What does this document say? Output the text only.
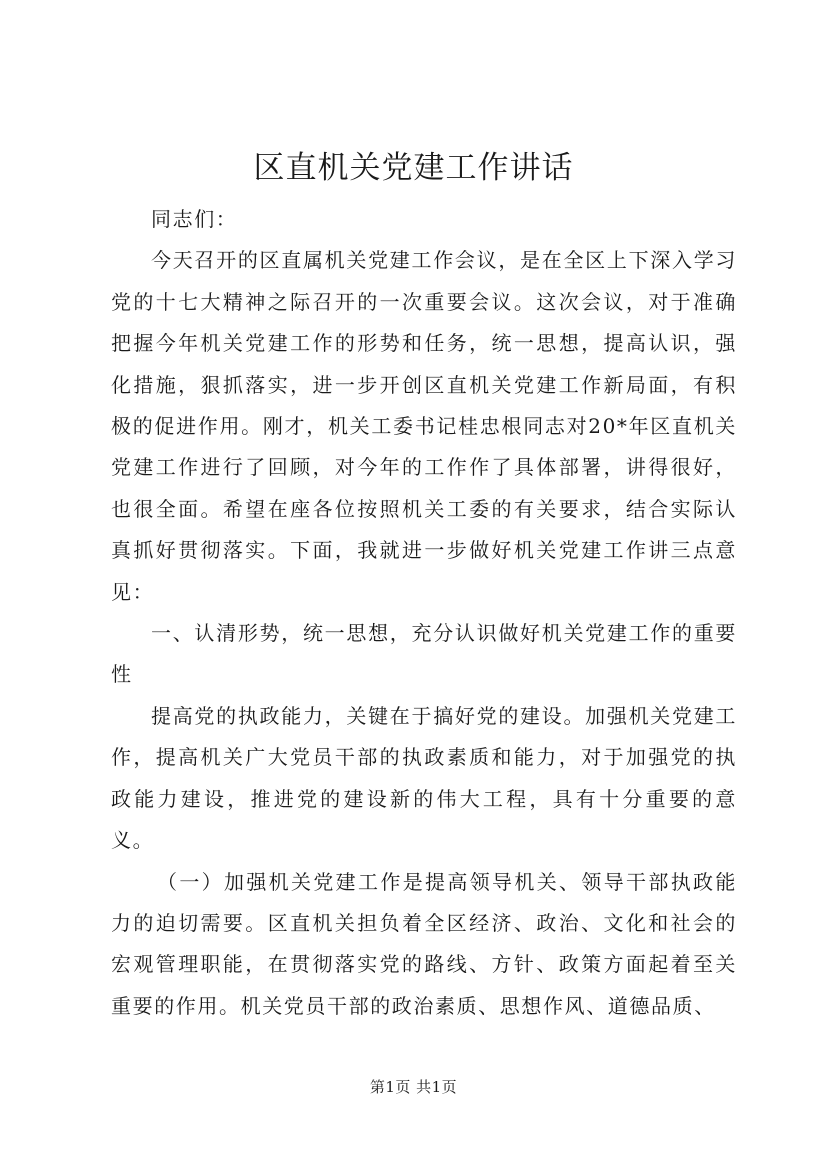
区直机关党建工作讲话

同志们：

今天召开的区直属机关党建工作会议，是在全区上下深入学习党的十七大精神之际召开的一次重要会议。这次会议，对于准确把握今年机关党建工作的形势和任务，统一思想，提高认识，强化措施，狠抓落实，进一步开创区直机关党建工作新局面，有积极的促进作用。刚才，机关工委书记桂忠根同志对20*年区直机关党建工作进行了回顾，对今年的工作作了具体部署，讲得很好，也很全面。希望在座各位按照机关工委的有关要求，结合实际认真抓好贯彻落实。下面，我就进一步做好机关党建工作讲三点意见：

一、认清形势，统一思想，充分认识做好机关党建工作的重要性

提高党的执政能力，关键在于搞好党的建设。加强机关党建工作，提高机关广大党员干部的执政素质和能力，对于加强党的执政能力建设，推进党的建设新的伟大工程，具有十分重要的意义。

（一）加强机关党建工作是提高领导机关、领导干部执政能力的迫切需要。区直机关担负着全区经济、政治、文化和社会的宏观管理职能，在贯彻落实党的路线、方针、政策方面起着至关重要的作用。机关党员干部的政治素质、思想作风、道德品质、

第1页 共1页
